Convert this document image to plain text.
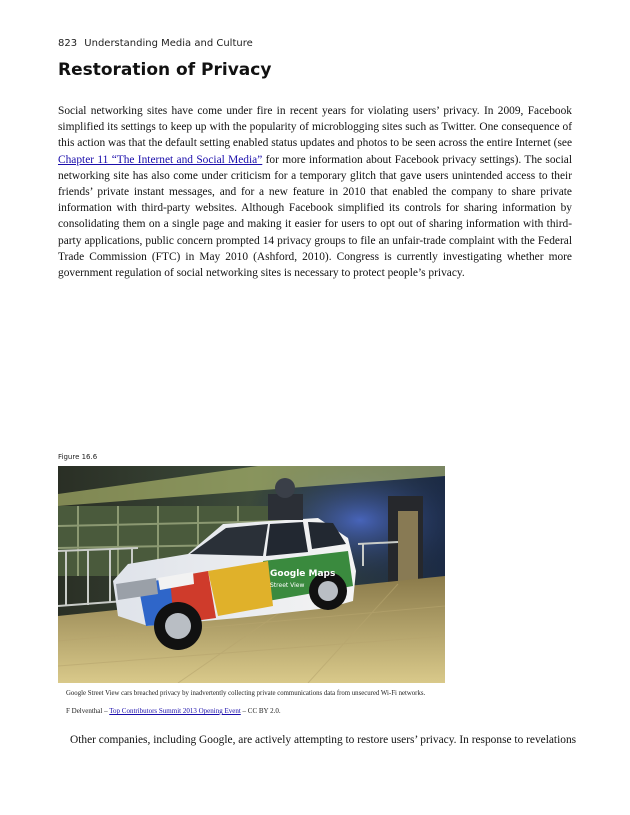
823 Understanding Media and Culture
Restoration of Privacy

Social networking sites have come under fire in recent years for violating users’ privacy. In 2009, Facebook simplified its settings to keep up with the popularity of microblogging sites such as Twitter. One consequence of this action was that the default setting enabled status updates and photos to be seen across the entire Internet (see Chapter 11 “The Internet and Social Media” for more information about Facebook privacy settings). The social networking site has also come under criticism for a temporary glitch that gave users unintended access to their friends’ private instant messages, and for a new feature in 2010 that enabled the company to share private information with third-party websites. Although Facebook simplified its controls for sharing information by consolidating them on a single page and making it easier for users to opt out of sharing information with third-party applications, public concern prompted 14 privacy groups to file an unfair-trade complaint with the Federal Trade Commission (FTC) in May 2010 (Ashford, 2010). Congress is currently investigating whether more government regulation of social networking sites is necessary to protect people’s privacy.

Figure 16.6
Google Maps
Street View
Google Street View cars breached privacy by inadvertently collecting private communications data from unsecured Wi-Fi networks.
F Delventhal – Top Contributors Summit 2013 Opening Event – CC BY 2.0.

Other companies, including Google, are actively attempting to restore users’ privacy. In response to revelations
